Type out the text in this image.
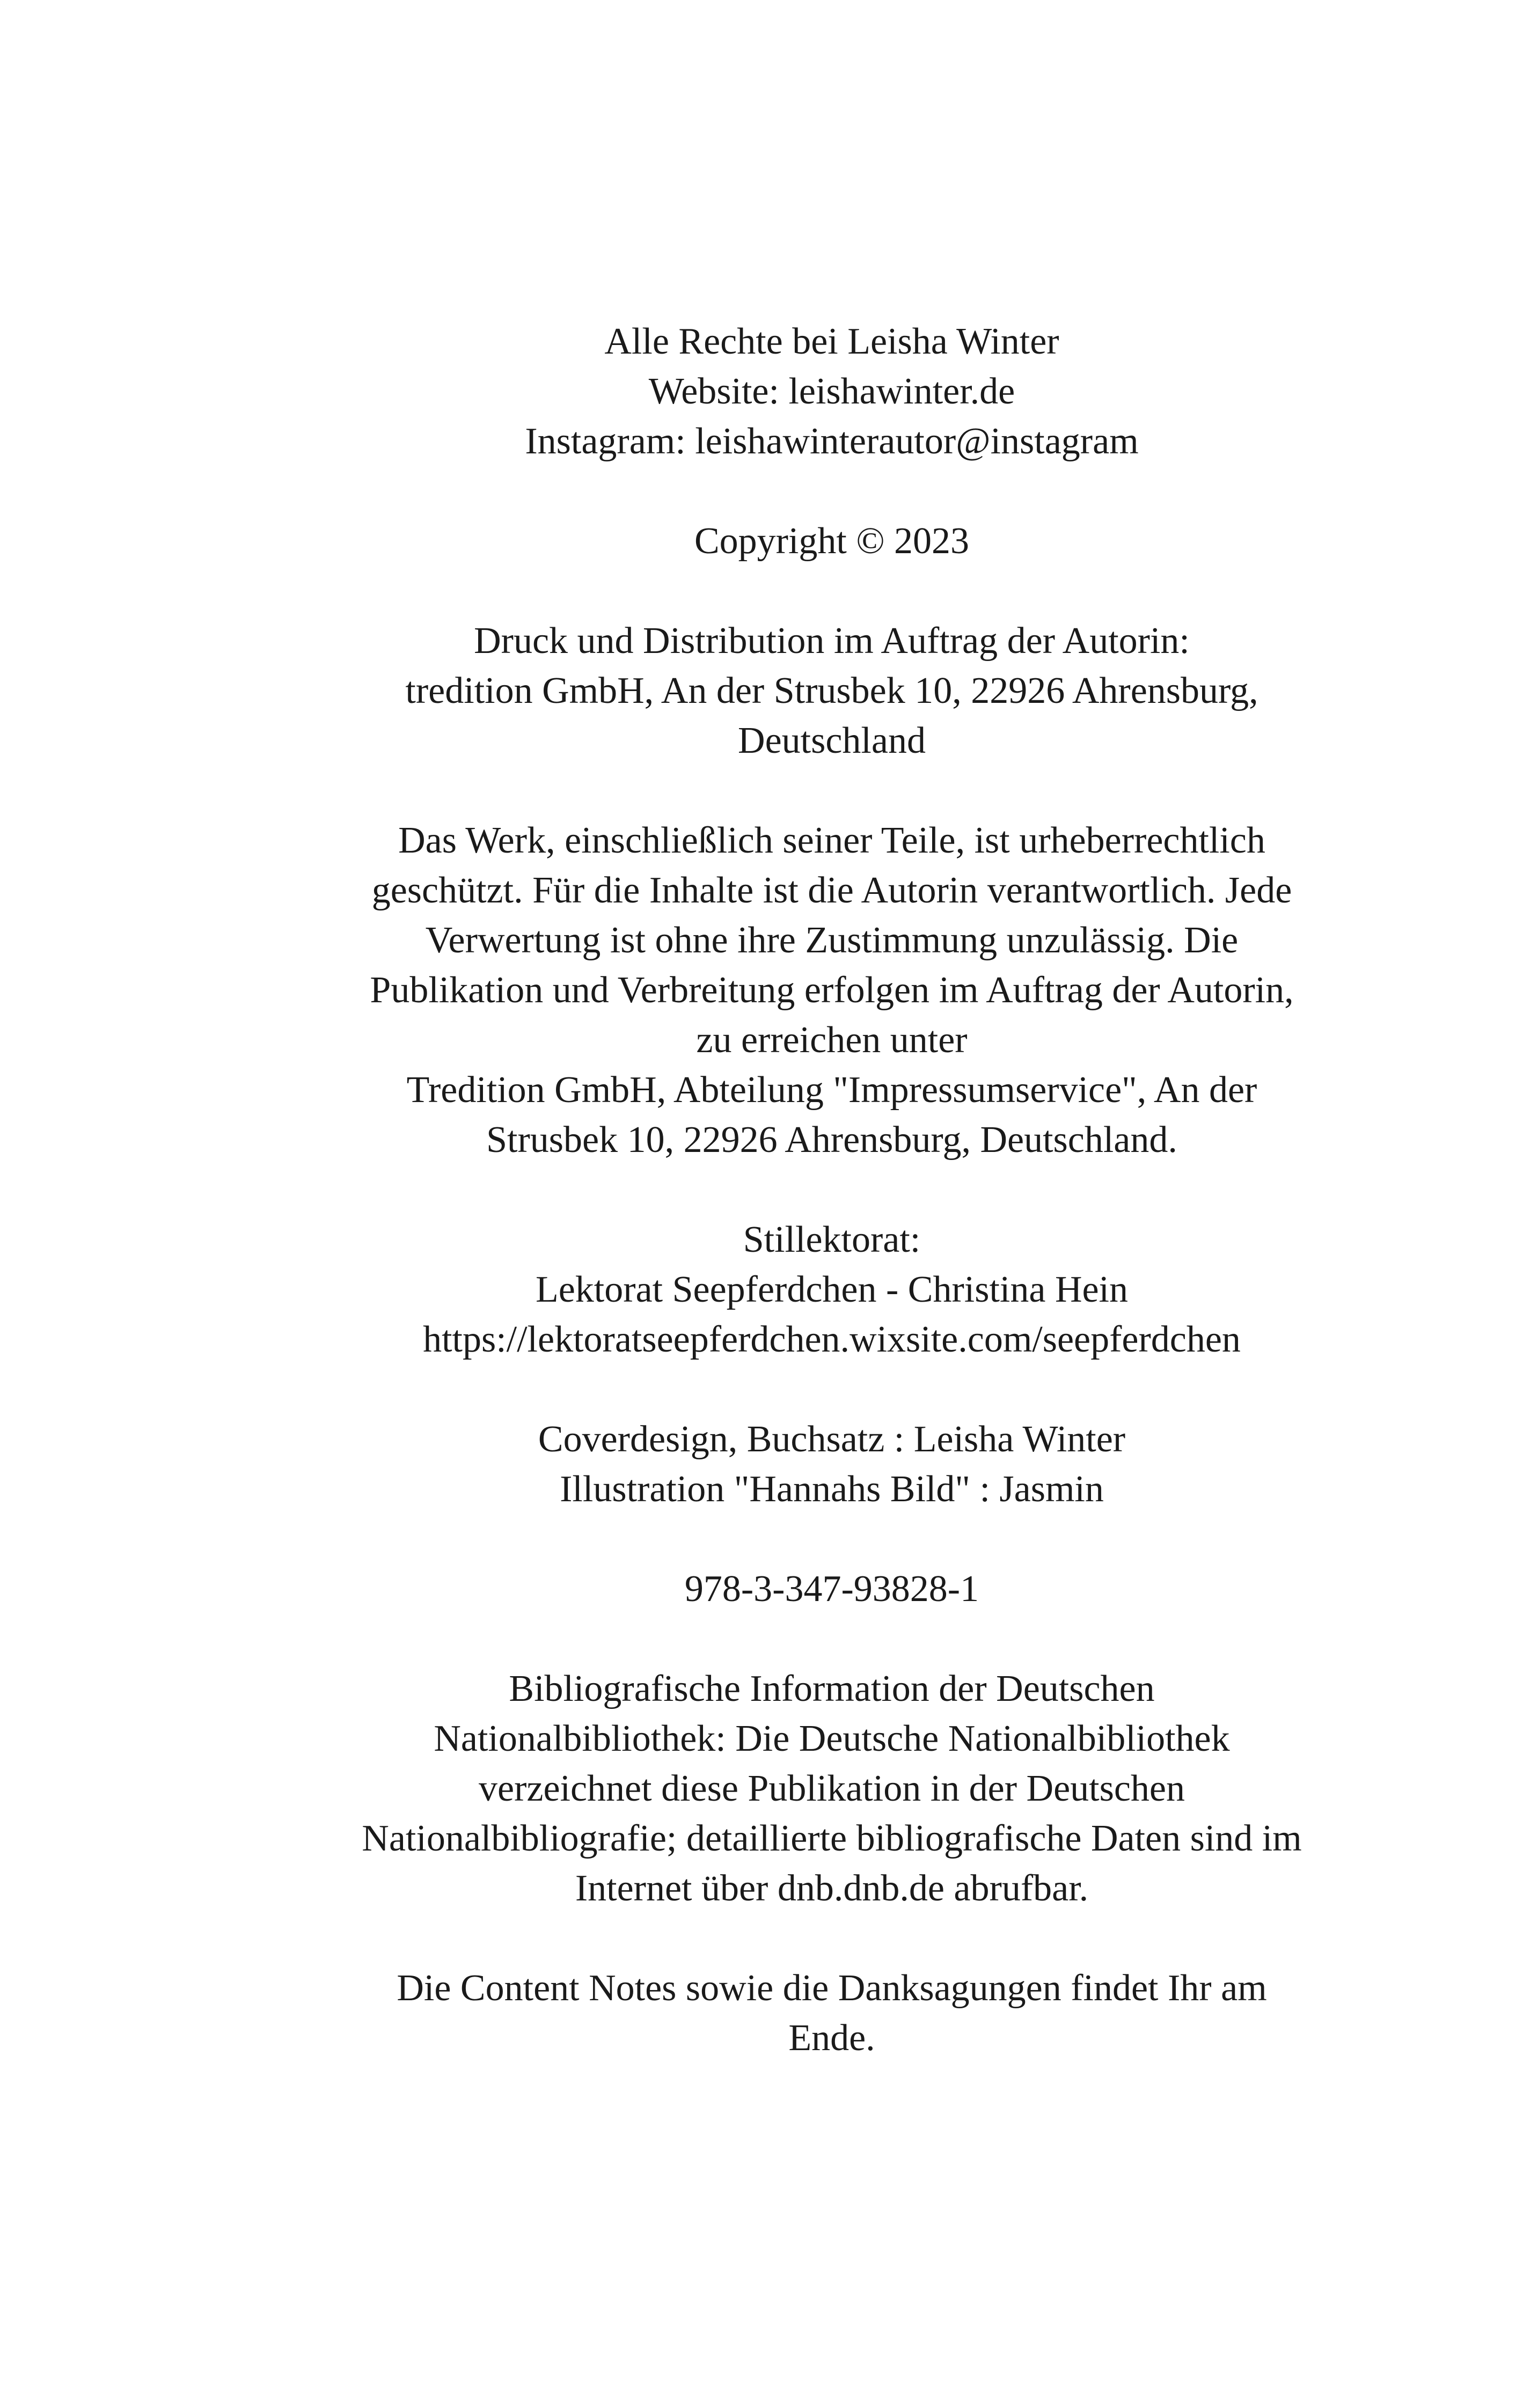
Alle Rechte bei Leisha Winter
Website: leishawinter.de
Instagram: leishawinterautor@instagram
Copyright © 2023
Druck und Distribution im Auftrag der Autorin:
tredition GmbH, An der Strusbek 10, 22926 Ahrensburg,
Deutschland
Das Werk, einschließlich seiner Teile, ist urheberrechtlich
geschützt. Für die Inhalte ist die Autorin verantwortlich. Jede
Verwertung ist ohne ihre Zustimmung unzulässig. Die
Publikation und Verbreitung erfolgen im Auftrag der Autorin,
zu erreichen unter
Tredition GmbH, Abteilung "Impressumservice", An der
Strusbek 10, 22926 Ahrensburg, Deutschland.
Stillektorat:
Lektorat Seepferdchen - Christina Hein
https://lektoratseepferdchen.wixsite.com/seepferdchen
Coverdesign, Buchsatz : Leisha Winter
Illustration "Hannahs Bild" : Jasmin
978-3-347-93828-1
Bibliografische Information der Deutschen
Nationalbibliothek: Die Deutsche Nationalbibliothek
verzeichnet diese Publikation in der Deutschen
Nationalbibliografie; detaillierte bibliografische Daten sind im
Internet über dnb.dnb.de abrufbar.
Die Content Notes sowie die Danksagungen findet Ihr am
Ende.
